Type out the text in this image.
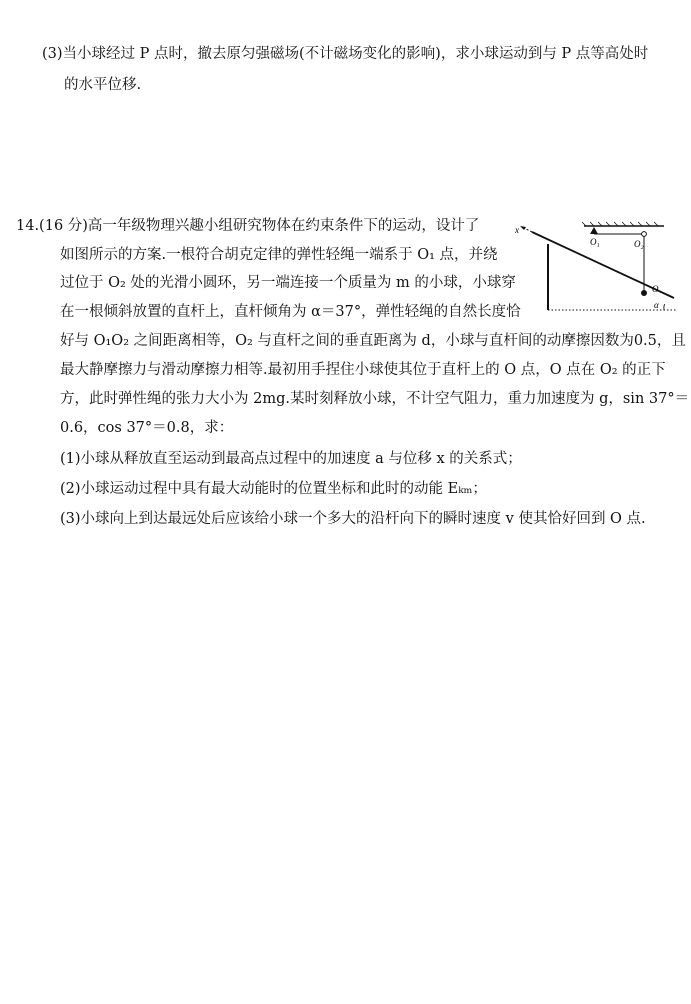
(3)当小球经过 P 点时，撤去原匀强磁场(不计磁场变化的影响)，求小球运动到与 P 点等高处时
的水平位移.
14.(16 分)高一年级物理兴趣小组研究物体在约束条件下的运动，设计了
如图所示的方案.一根符合胡克定律的弹性轻绳一端系于 O₁ 点，并绕
过位于 O₂ 处的光滑小圆环，另一端连接一个质量为 m 的小球，小球穿
在一根倾斜放置的直杆上，直杆倾角为 α＝37°，弹性轻绳的自然长度恰
好与 O₁O₂ 之间距离相等，O₂ 与直杆之间的垂直距离为 d，小球与直杆间的动摩擦因数为0.5，且
最大静摩擦力与滑动摩擦力相等.最初用手捏住小球使其位于直杆上的 O 点，O 点在 O₂ 的正下
方，此时弹性绳的张力大小为 2mg.某时刻释放小球，不计空气阻力，重力加速度为 g，sin 37°＝
0.6，cos 37°＝0.8，求：
(1)小球从释放直至运动到最高点过程中的加速度 a 与位移 x 的关系式；
(2)小球运动过程中具有最大动能时的位置坐标和此时的动能 Eₖₘ；
(3)小球向上到达最远处后应该给小球一个多大的沿杆向下的瞬时速度 v 使其恰好回到 O 点.
x
O₁	O₂
O
α
